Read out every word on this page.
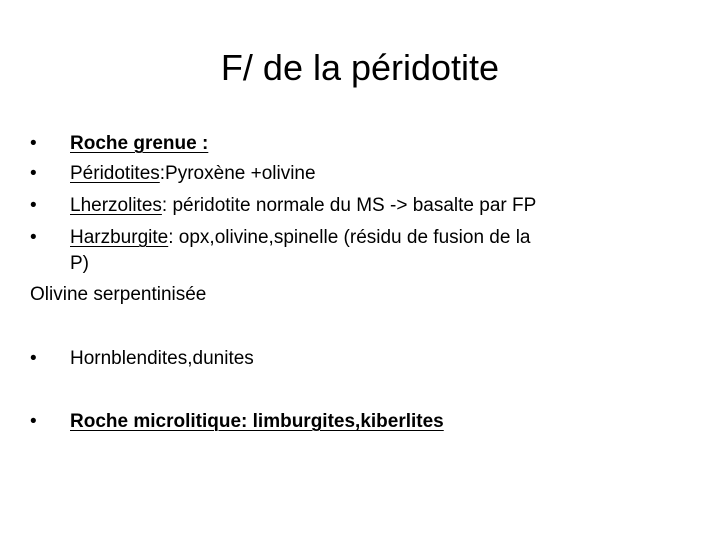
F/ de la péridotite
• Roche grenue :
• Péridotites:Pyroxène +olivine
• Lherzolites: péridotite normale du MS -> basalte par FP
• Harzburgite: opx,olivine,spinelle (résidu de fusion de la
P)
Olivine serpentinisée
• Hornblendites,dunites
• Roche microlitique: limburgites,kiberlites
